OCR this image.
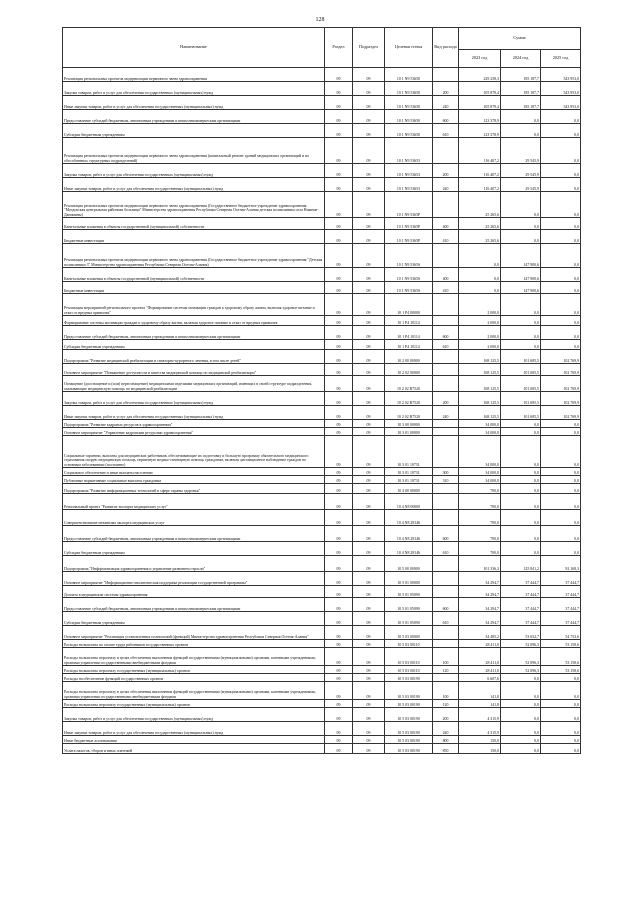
128
Наименование	Раздел	Подраздел	Целевая статья	Вид расхода	Сумма		
					2023 год	2024 год	2025 год
Реализация региональных проектов модернизации первичного звена здравоохранения	09	09	10 1 N9 53650		229 258,3	185 187,7	543 953,0
Закупка товаров, работ и услуг для обеспечения государственных (муниципальных) нужд	09	09	10 1 N9 53650	200	105 879,4	185 187,7	543 953,0
Иные закупки товаров, работ и услуг для обеспечения государственных (муниципальных) нужд	09	09	10 1 N9 53650	240	105 879,4	185 187,7	543 953,0
Предоставление субсидий бюджетным, автономным учреждениям и иным некоммерческим организациям	09	09	10 1 N9 53650	600	123 378,9	0,0	0,0
Субсидии бюджетным учреждениям	09	09	10 1 N9 53650	610	123 378,9	0,0	0,0
Реализация региональных проектов модернизации первичного звена здравоохранения (капитальный ремонт зданий медицинских организаций и их обособленных структурных подразделений)	09	09	10 1 N9 53653		116 407,2	29 545,9	0,0
Закупка товаров, работ и услуг для обеспечения государственных (муниципальных) нужд	09	09	10 1 N9 53653	200	116 407,2	29 545,9	0,0
Иные закупки товаров, работ и услуг для обеспечения государственных (муниципальных) нужд	09	09	10 1 N9 53653	240	116 407,2	29 545,9	0,0
Реализация региональных проектов модернизации первичного звена здравоохранения (Государственное бюджетное учреждение здравоохранения "Моздокская центральная районная больница" Министерства здравоохранения Республики Северная Осетия-Алания детская поликлиника села Нижние-Данимяны)	09	09	10 1 N9 5365P		25 265,6	0,0	0,0
Капитальные вложения в объекты государственной (муниципальной) собственности	09	09	10 1 N9 5365P	400	25 265,6	0,0	0,0
Бюджетные инвестиции	09	09	10 1 N9 5365P	410	25 265,6	0,0	0,0
Реализация региональных проектов модернизации первичного звена здравоохранения (Государственное бюджетное учреждение здравоохранения "Детская поликлиника 3" Министерства здравоохранения Республики Северная Осетия-Алания)	09	09	10 1 N9 5365S		0,0	147 900,6	0,0
Капитальные вложения в объекты государственной (муниципальной) собственности	09	09	10 1 N9 5365S	400	0,0	147 900,6	0,0
Бюджетные инвестиции	09	09	10 1 N9 5365S	410	0,0	147 900,6	0,0
Реализация мероприятий регионального проекта "Формирование системы мотивации граждан к здоровому образу жизни, включая здоровое питание и отказ от вредных привычек"	09	09	10 1 P4 00000		2 000,0	0,0	0,0
Формирование системы мотивации граждан к здоровому образу жизни, включая здоровое питание и отказ от вредных привычек	09	09	10 1 P4 10114		2 000,0	0,0	0,0
Предоставление субсидий бюджетным, автономным учреждениям и иным некоммерческим организациям	09	09	10 1 P4 10114	600	2 000,0	0,0	0,0
Субсидии бюджетным учреждениям	09	09	10 1 P4 10114	610	2 000,0	0,0	0,0
Подпрограмма "Развитие медицинской реабилитации и санаторно-курортного лечения, в том числе детей"	09	09	10 2 00 00000		168 125,5	101 685,5	102 769,9
Основное мероприятие "Повышение доступности и качества медицинской помощи по медицинской реабилитации"	09	09	10 2 02 00000		168 125,5	101 685,5	102 769,9
Оснащение (дооснащение и (или) переоснащение) медицинскими изделиями медицинских организаций, имеющих в своей структуре подразделения, оказывающие медицинскую помощь по медицинской реабилитации	09	09	10 2 02 R7520		168 125,5	101 685,5	102 769,9
Закупка товаров, работ и услуг для обеспечения государственных (муниципальных) нужд	09	09	10 2 02 R7520	200	168 125,5	101 685,5	102 769,9
Иные закупки товаров, работ и услуг для обеспечения государственных (муниципальных) нужд	09	09	10 2 02 R7520	240	168 125,5	101 685,5	102 769,9
Подпрограмма "Развитие кадровых ресурсов в здравоохранении"	09	09	10 3 00 00000		34 000,0	0,0	0,0
Основное мероприятие "Управление кадровыми ресурсами здравоохранения"	09	09	10 3 01 00000		34 000,0	0,0	0,0
Социальные гарантии, выплаты для медицинских работников, обеспечивающие их подготовку и большую программу обязательного медицинского страхования скорую медицинскую помощь, первичную медико-санитарную помощь гражданам, включая дистанционное наблюдение граждан по основным заболеваниям (постоянно)	09	09	10 3 01 10731		34 000,0	0,0	0,0
Социальное обеспечение и иные выплаты населению	09	09	10 3 01 10731	300	34 000,0	0,0	0,0
Публичные нормативные социальные выплаты гражданам	09	09	10 3 01 10731	310	34 000,0	0,0	0,0
Подпрограмма "Развитие информационных технологий в сфере охраны здоровья"	09	09	10 4 00 00000		700,0	0,0	0,0
Региональный проект "Развитие экспорта медицинских услуг"	09	09	10 4 N8 00000		700,0	0,0	0,0
Совершенствование механизма экспорта медицинских услуг	09	09	10 4 N8 28146		700,0	0,0	0,0
Предоставление субсидий бюджетным, автономным учреждениям и иным некоммерческим организациям	09	09	10 4 N8 28146	600	700,0	0,0	0,0
Субсидии бюджетным учреждениям	09	09	10 4 N8 28146	610	700,0	0,0	0,0
Подпрограмма "Информатизация здравоохранения и управление развитием отрасли"	09	09	10 5 00 00000		101 336,3	125 841,2	92 168,3
Основное мероприятие "Информационно-аналитическая поддержка реализации государственной программы"	09	09	10 5 01 00000		34 294,7	37 444,7	37 444,7
Доплата в медицинские системы здравоохранения	09	09	10 5 01 05090		34 294,7	37 444,7	37 444,7
Предоставление субсидий бюджетным, автономным учреждениям и иным некоммерческим организациям	09	09	10 5 01 05090	600	34 294,7	37 444,7	37 444,7
Субсидии бюджетным учреждениям	09	09	10 5 01 05090	610	34 294,7	37 444,7	37 444,7
Основное мероприятие "Реализация установленных полномочий (функций) Министерства здравоохранения Республики Северная Осетия-Алания"	09	09	10 5 03 00000		34 485,2	53 632,7	54 753,6
Расходы на выплаты по оплате труда работников государственных органов	09	09	10 5 03 00110		28 411,0	52 096,3	53 158,6
Расходы на выплаты персоналу в целях обеспечения выполнения функций государственными (муниципальными) органами, казенными учреждениями, органами управления государственными внебюджетными фондами	09	09	10 5 03 00110	100	28 411,0	52 096,3	53 158,6
Расходы на выплаты персоналу государственных (муниципальных) органов	09	09	10 5 03 00110	120	28 411,0	52 096,3	53 158,6
Расходы на обеспечение функций государственных органов	09	09	10 5 03 00190		6 607,6	0,0	0,0
Расходы на выплаты персоналу в целях обеспечения выполнения функций государственными (муниципальными) органами, казенными учреждениями, органами управления государственными внебюджетными фондами	09	09	10 5 03 00190	100	141,8	0,0	0,0
Расходы на выплаты персоналу государственных (муниципальных) органов	09	09	10 5 03 00190	120	141,8	0,0	0,0
Закупка товаров, работ и услуг для обеспечения государственных (муниципальных) нужд	09	09	10 5 03 00190	200	4 315,9	0,0	0,0
Иные закупки товаров, работ и услуг для обеспечения государственных (муниципальных) нужд	09	09	10 5 03 00190	240	4 315,9	0,0	0,0
Иные бюджетные ассигнования	09	09	10 5 03 00190	800	150,0	0,0	0,0
Уплата налогов, сборов и иных платежей	09	09	10 5 03 00190	850	150,0	0,0	0,0
